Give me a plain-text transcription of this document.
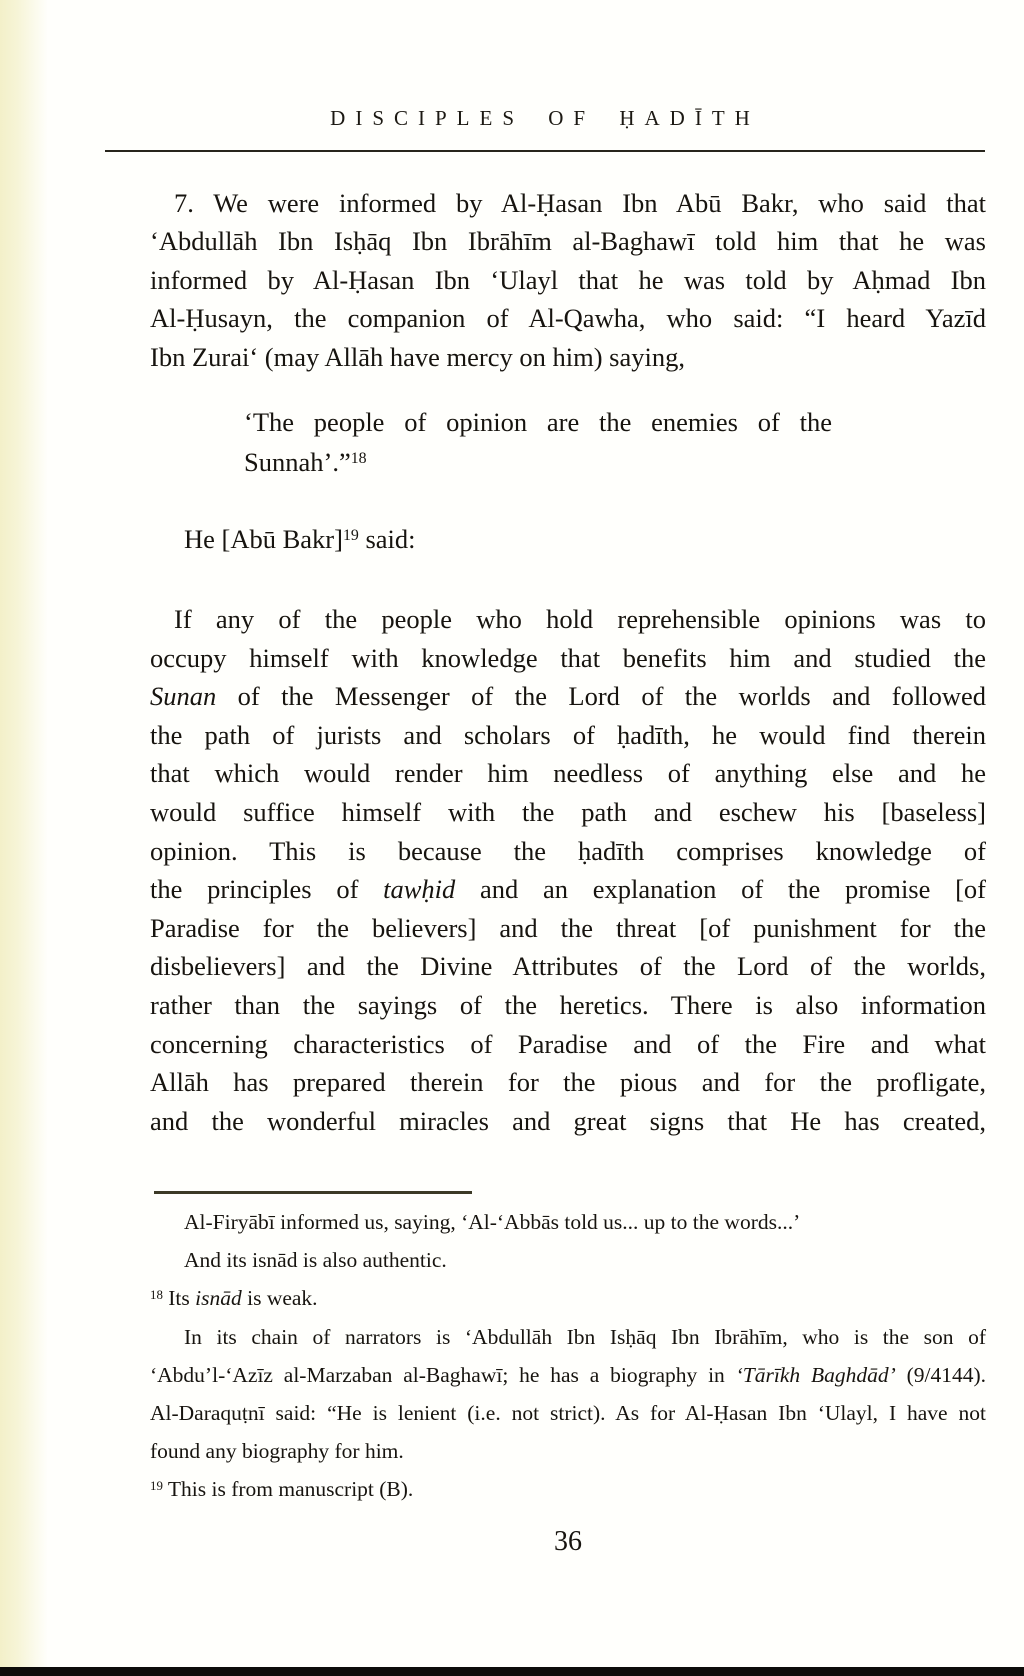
DISCIPLES OF ḤADĪTH
7. We were informed by Al-Ḥasan Ibn Abū Bakr, who said that
‘Abdullāh Ibn Isḥāq Ibn Ibrāhīm al-Baghawī told him that he was
informed by Al-Ḥasan Ibn ‘Ulayl that he was told by Aḥmad Ibn
Al-Ḥusayn, the companion of Al-Qawha, who said: “I heard Yazīd
Ibn Zurai‘ (may Allāh have mercy on him) saying,
‘The people of opinion are the enemies of the
Sunnah’.”$^{18}$
He [Abū Bakr]$^{19}$ said:
If any of the people who hold reprehensible opinions was to
occupy himself with knowledge that benefits him and studied the
Sunan of the Messenger of the Lord of the worlds and followed
the path of jurists and scholars of ḥadīth, he would find therein
that which would render him needless of anything else and he
would suffice himself with the path and eschew his [baseless]
opinion. This is because the ḥadīth comprises knowledge of
the principles of tawḥid and an explanation of the promise [of
Paradise for the believers] and the threat [of punishment for the
disbelievers] and the Divine Attributes of the Lord of the worlds,
rather than the sayings of the heretics. There is also information
concerning characteristics of Paradise and of the Fire and what
Allāh has prepared therein for the pious and for the profligate,
and the wonderful miracles and great signs that He has created,
Al-Firyābī informed us, saying, ‘Al-‘Abbās told us... up to the words...’
And its isnād is also authentic.
$^{18}$ Its isnād is weak.
In its chain of narrators is ‘Abdullāh Ibn Isḥāq Ibn Ibrāhīm, who is the son of
‘Abdu’l-‘Azīz al-Marzaban al-Baghawī; he has a biography in ‘Tārīkh Baghdād’ (9/4144).
Al-Daraquṭnī said: “He is lenient (i.e. not strict). As for Al-Ḥasan Ibn ‘Ulayl, I have not
found any biography for him.
$^{19}$ This is from manuscript (B).
36
